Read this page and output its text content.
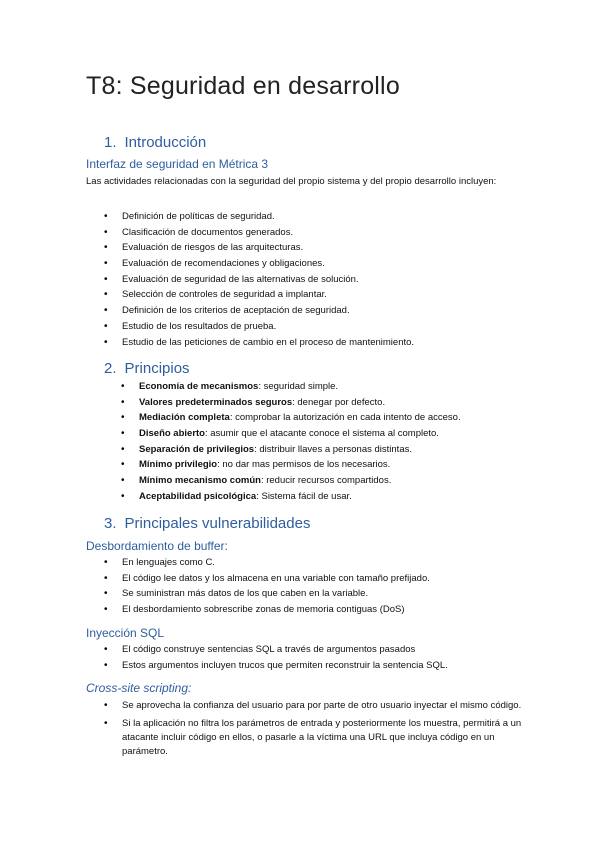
T8: Seguridad en desarrollo
1. Introducción
Interfaz de seguridad en Métrica 3
Las actividades relacionadas con la seguridad del propio sistema y del propio desarrollo incluyen:
• Definición de políticas de seguridad.
• Clasificación de documentos generados.
• Evaluación de riesgos de las arquitecturas.
• Evaluación de recomendaciones y obligaciones.
• Evaluación de seguridad de las alternativas de solución.
• Selección de controles de seguridad a implantar.
• Definición de los criterios de aceptación de seguridad.
• Estudio de los resultados de prueba.
• Estudio de las peticiones de cambio en el proceso de mantenimiento.
2. Principios
• Economía de mecanismos: seguridad simple.
• Valores predeterminados seguros: denegar por defecto.
• Mediación completa: comprobar la autorización en cada intento de acceso.
• Diseño abierto: asumir que el atacante conoce el sistema al completo.
• Separación de privilegios: distribuir llaves a personas distintas.
• Mínimo privilegio: no dar mas permisos de los necesarios.
• Mínimo mecanismo común: reducir recursos compartidos.
• Aceptabilidad psicológica: Sistema fácil de usar.
3. Principales vulnerabilidades
Desbordamiento de buffer:
• En lenguajes como C.
• El código lee datos y los almacena en una variable con tamaño prefijado.
• Se suministran más datos de los que caben en la variable.
• El desbordamiento sobrescribe zonas de memoria contiguas (DoS)
Inyección SQL
• El código construye sentencias SQL a través de argumentos pasados
• Estos argumentos incluyen trucos que permiten reconstruir la sentencia SQL.
Cross-site scripting:
• Se aprovecha la confianza del usuario para por parte de otro usuario inyectar el mismo código.
• Si la aplicación no filtra los parámetros de entrada y posteriormente los muestra, permitirá a un atacante incluir código en ellos, o pasarle a la víctima una URL que incluya código en un parámetro.
